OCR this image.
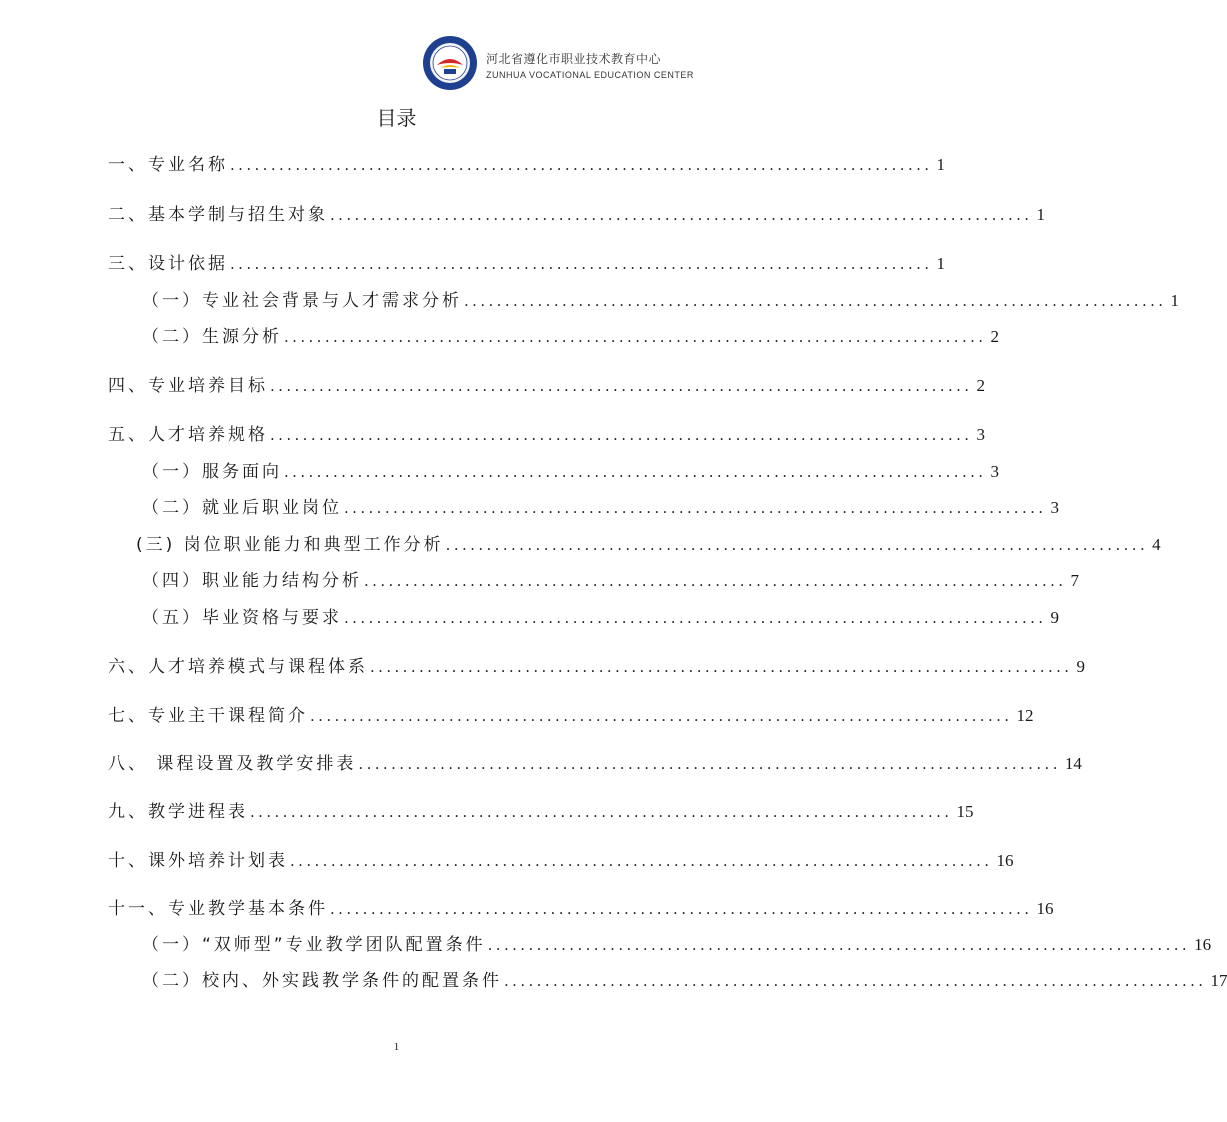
河北省遵化市职业技术教育中心
ZUNHUA VOCATIONAL EDUCATION CENTER
目录
一、专业名称 ...................................................................................... 1
二、基本学制与招生对象 ...................................................................................... 1
三、设计依据 ...................................................................................... 1
（一）专业社会背景与人才需求分析 ...................................................................................... 1
（二）生源分析 ...................................................................................... 2
四、专业培养目标 ...................................................................................... 2
五、人才培养规格 ...................................................................................... 3
（一）服务面向 ...................................................................................... 3
（二）就业后职业岗位 ...................................................................................... 3
(三) 岗位职业能力和典型工作分析 ...................................................................................... 4
（四）职业能力结构分析 ...................................................................................... 7
（五）毕业资格与要求 ...................................................................................... 9
六、人才培养模式与课程体系 ...................................................................................... 9
七、专业主干课程简介 ...................................................................................... 12
八、 课程设置及教学安排表 ...................................................................................... 14
九、教学进程表 ...................................................................................... 15
十、课外培养计划表 ...................................................................................... 16
十一、专业教学基本条件 ...................................................................................... 16
（一）“双师型”专业教学团队配置条件 ...................................................................................... 16
（二）校内、外实践教学条件的配置条件 ...................................................................................... 17
1
